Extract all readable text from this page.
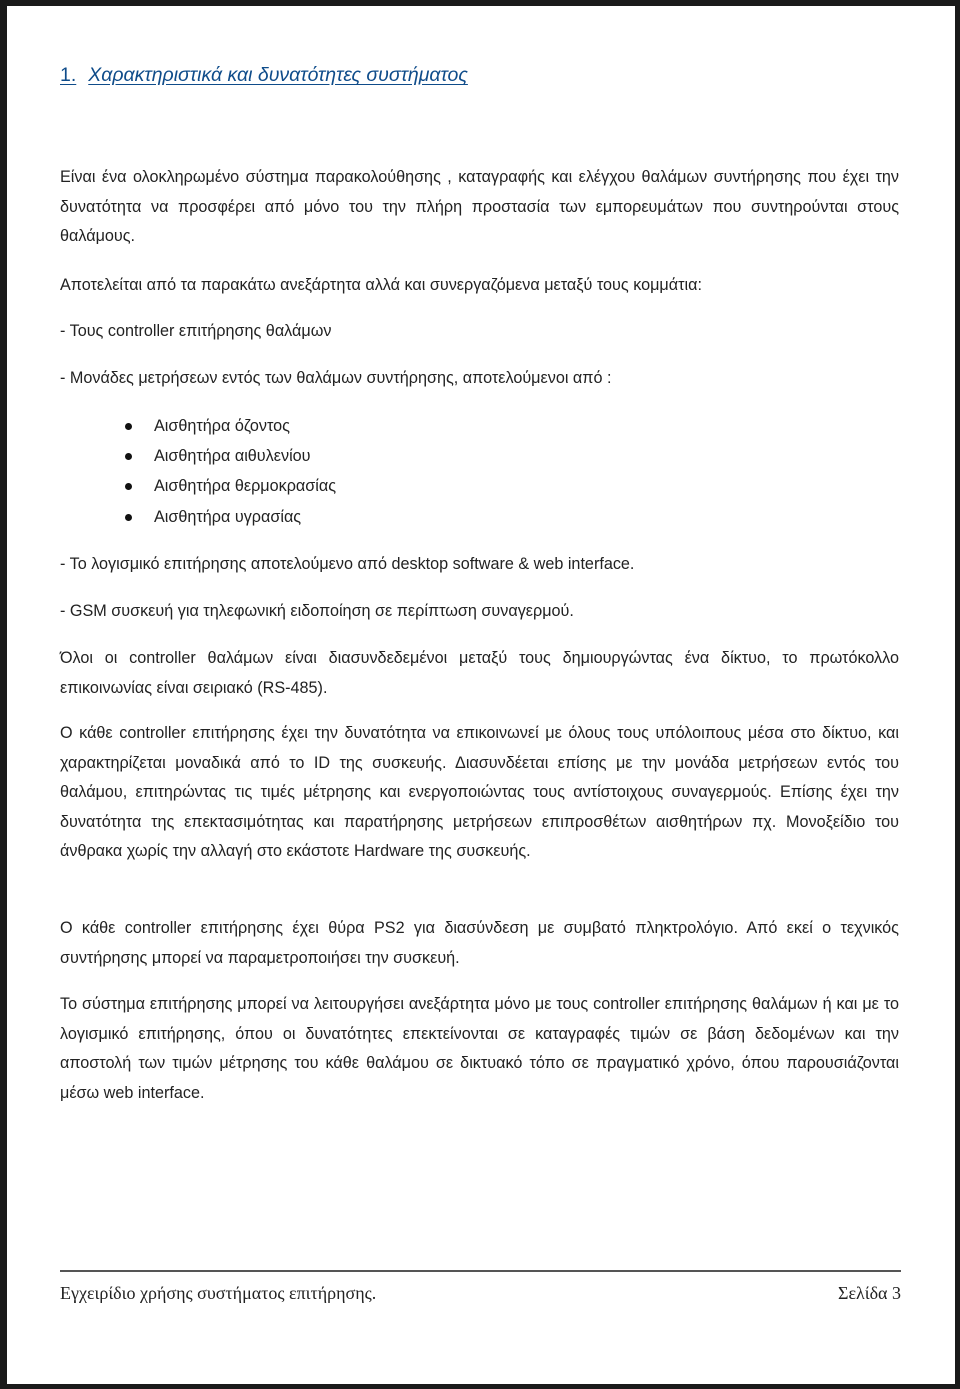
1. Χαρακτηριστικά και δυνατότητες συστήματος

Είναι ένα ολοκληρωμένο σύστημα παρακολούθησης , καταγραφής και ελέγχου θαλάμων συντήρησης που έχει την δυνατότητα να προσφέρει από μόνο του την πλήρη προστασία των εμπορευμάτων που συντηρούνται στους θαλάμους.

Αποτελείται από τα παρακάτω ανεξάρτητα αλλά και συνεργαζόμενα μεταξύ τους κομμάτια:

- Τους controller επιτήρησης θαλάμων

- Μονάδες μετρήσεων εντός των θαλάμων συντήρησης, αποτελούμενοι από :

Αισθητήρα όζοντος
Αισθητήρα αιθυλενίου
Αισθητήρα θερμοκρασίας
Αισθητήρα υγρασίας

- Το λογισμικό επιτήρησης αποτελούμενο από desktop software & web interface.

- GSM συσκευή για τηλεφωνική ειδοποίηση σε περίπτωση συναγερμού.

Όλοι οι controller θαλάμων είναι διασυνδεδεμένοι μεταξύ τους δημιουργώντας ένα δίκτυο, το πρωτόκολλο επικοινωνίας είναι σειριακό (RS-485).

Ο κάθε controller επιτήρησης έχει την δυνατότητα να επικοινωνεί με όλους τους υπόλοιπους μέσα στο δίκτυο, και χαρακτηρίζεται μοναδικά από το ID της συσκευής. Διασυνδέεται επίσης με την μονάδα μετρήσεων εντός του θαλάμου, επιτηρώντας τις τιμές μέτρησης και ενεργοποιώντας τους αντίστοιχους συναγερμούς. Επίσης έχει την δυνατότητα της επεκτασιμότητας και παρατήρησης μετρήσεων επιπροσθέτων αισθητήρων πχ. Μονοξείδιο του άνθρακα χωρίς την αλλαγή στο εκάστοτε Hardware της συσκευής.

Ο κάθε controller επιτήρησης έχει θύρα PS2 για διασύνδεση με συμβατό πληκτρολόγιο. Από εκεί ο τεχνικός συντήρησης μπορεί να παραμετροποιήσει την συσκευή.

Το σύστημα επιτήρησης μπορεί να λειτουργήσει ανεξάρτητα μόνο με τους controller επιτήρησης θαλάμων ή και με το λογισμικό επιτήρησης, όπου οι δυνατότητες επεκτείνονται σε καταγραφές τιμών σε βάση δεδομένων και την αποστολή των τιμών μέτρησης του κάθε θαλάμου σε δικτυακό τόπο σε πραγματικό χρόνο, όπου παρουσιάζονται μέσω web interface.

Εγχειρίδιο χρήσης συστήματος επιτήρησης.	Σελίδα 3
